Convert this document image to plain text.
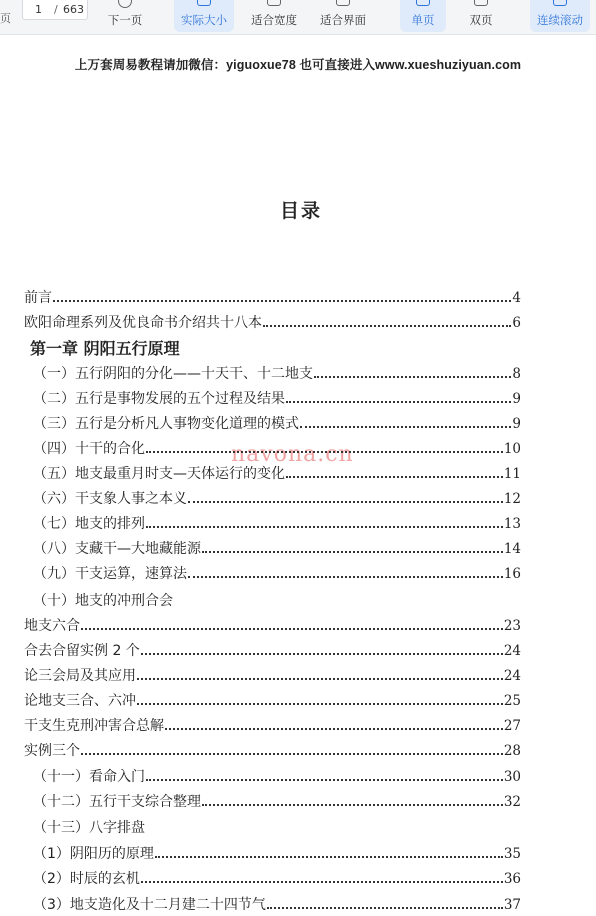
页
1 / 663
下一页	实际大小	适合宽度	适合界面	单页	双页	连续滚动
上万套周易教程请加微信：yiguoxue78 也可直接进入www.xueshuziyuan.com
目录
navona.cn
前言	4
欧阳命理系列及优良命书介绍共十八本	6
第一章 阴阳五行原理
（一）五行阴阳的分化——十天干、十二地支	8
（二）五行是事物发展的五个过程及结果	9
（三）五行是分析凡人事物变化道理的模式	9
（四）十干的合化	10
（五）地支最重月时支—天体运行的变化	11
（六）干支象人事之本义	12
（七）地支的排列	13
（八）支藏干—大地藏能源	14
（九）干支运算，速算法	16
（十）地支的冲刑合会
地支六合	23
合去合留实例 2 个	24
论三会局及其应用	24
论地支三合、六冲	25
干支生克刑冲害合总解	27
实例三个	28
（十一）看命入门	30
（十二）五行干支综合整理	32
（十三）八字排盘
（1）阴阳历的原理	35
（2）时辰的玄机	36
（3）地支造化及十二月建二十四节气	37
